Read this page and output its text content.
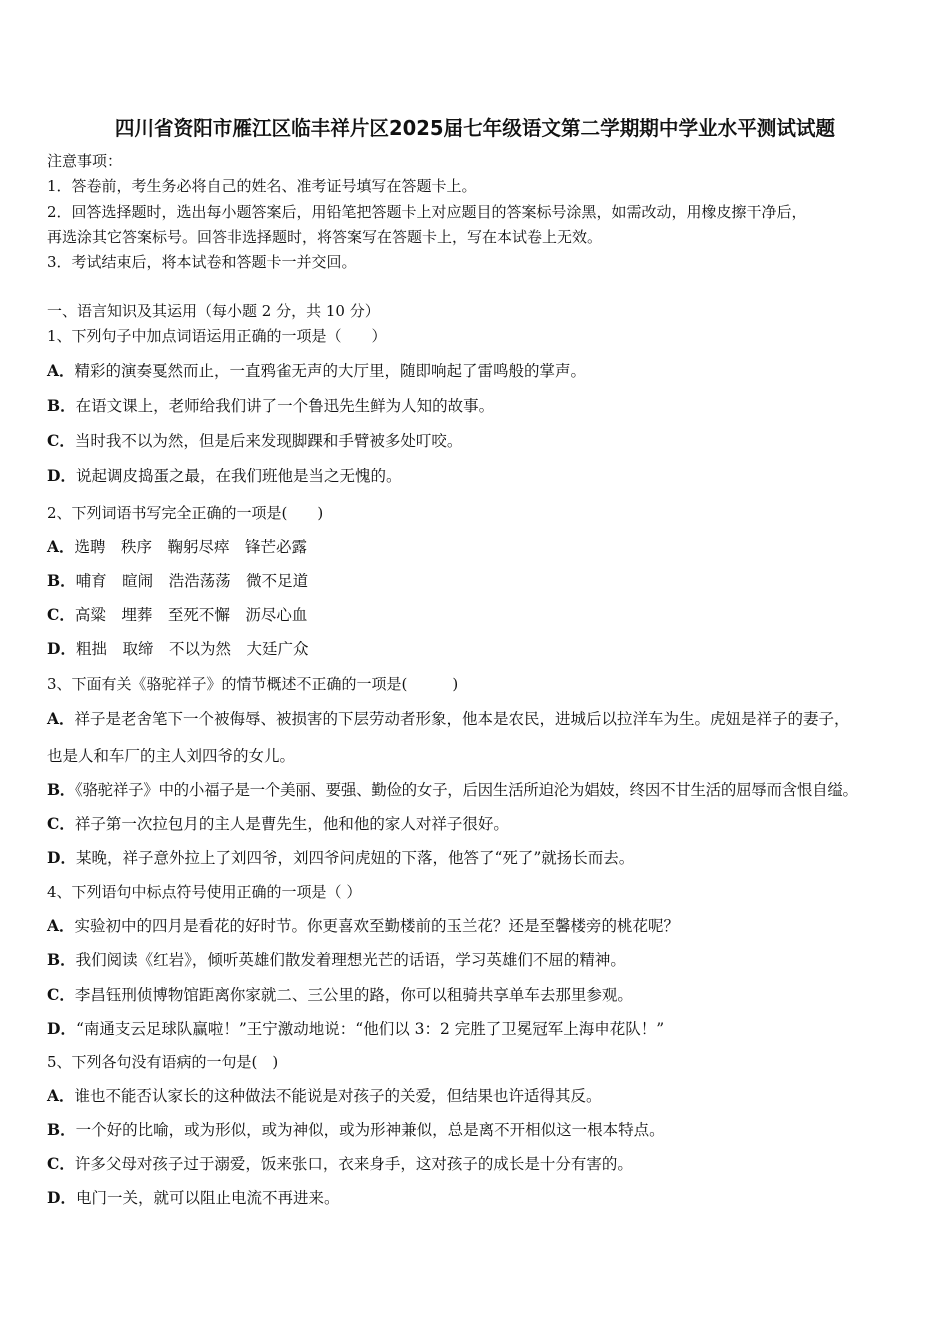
四川省资阳市雁江区临丰祥片区2025届七年级语文第二学期期中学业水平测试试题
注意事项：
1．答卷前，考生务必将自己的姓名、准考证号填写在答题卡上。
2．回答选择题时，选出每小题答案后，用铅笔把答题卡上对应题目的答案标号涂黑，如需改动，用橡皮擦干净后，
再选涂其它答案标号。回答非选择题时，将答案写在答题卡上，写在本试卷上无效。
3．考试结束后，将本试卷和答题卡一并交回。
一、语言知识及其运用（每小题 2 分，共 10 分）
1、下列句子中加点词语运用正确的一项是（　　）
A．精彩的演奏戛然而止，一直鸦雀无声的大厅里，随即响起了雷鸣般的掌声。
B．在语文课上，老师给我们讲了一个鲁迅先生鲜为人知的故事。
C．当时我不以为然，但是后来发现脚踝和手臂被多处叮咬。
D．说起调皮捣蛋之最，在我们班他是当之无愧的。
2、下列词语书写完全正确的一项是(　　)
A．选聘　秩序　鞠躬尽瘁　锋芒必露
B．哺育　暄闹　浩浩荡荡　微不足道
C．高粱　埋葬　至死不懈　沥尽心血
D．粗拙　取缔　不以为然　大廷广众
3、下面有关《骆驼祥子》的情节概述不正确的一项是(　　　)
A．祥子是老舍笔下一个被侮辱、被损害的下层劳动者形象，他本是农民，进城后以拉洋车为生。虎妞是祥子的妻子，
也是人和车厂的主人刘四爷的女儿。
B．《骆驼祥子》中的小福子是一个美丽、要强、勤俭的女子，后因生活所迫沦为娼妓，终因不甘生活的屈辱而含恨自缢。
C．祥子第一次拉包月的主人是曹先生，他和他的家人对祥子很好。
D．某晚，祥子意外拉上了刘四爷，刘四爷问虎妞的下落，他答了“死了”就扬长而去。
4、下列语句中标点符号使用正确的一项是（ ）
A．实验初中的四月是看花的好时节。你更喜欢至勤楼前的玉兰花？还是至馨楼旁的桃花呢？
B．我们阅读《红岩》，倾听英雄们散发着理想光芒的话语，学习英雄们不屈的精神。
C．李昌钰刑侦博物馆距离你家就二、三公里的路，你可以租骑共享单车去那里参观。
D．“南通支云足球队赢啦！”王宁激动地说：“他们以 3：2 完胜了卫冕冠军上海申花队！”
5、下列各句没有语病的一句是(　)
A．谁也不能否认家长的这种做法不能说是对孩子的关爱，但结果也许适得其反。
B．一个好的比喻，或为形似，或为神似，或为形神兼似，总是离不开相似这一根本特点。
C．许多父母对孩子过于溺爱，饭来张口，衣来身手，这对孩子的成长是十分有害的。
D．电门一关，就可以阻止电流不再进来。
